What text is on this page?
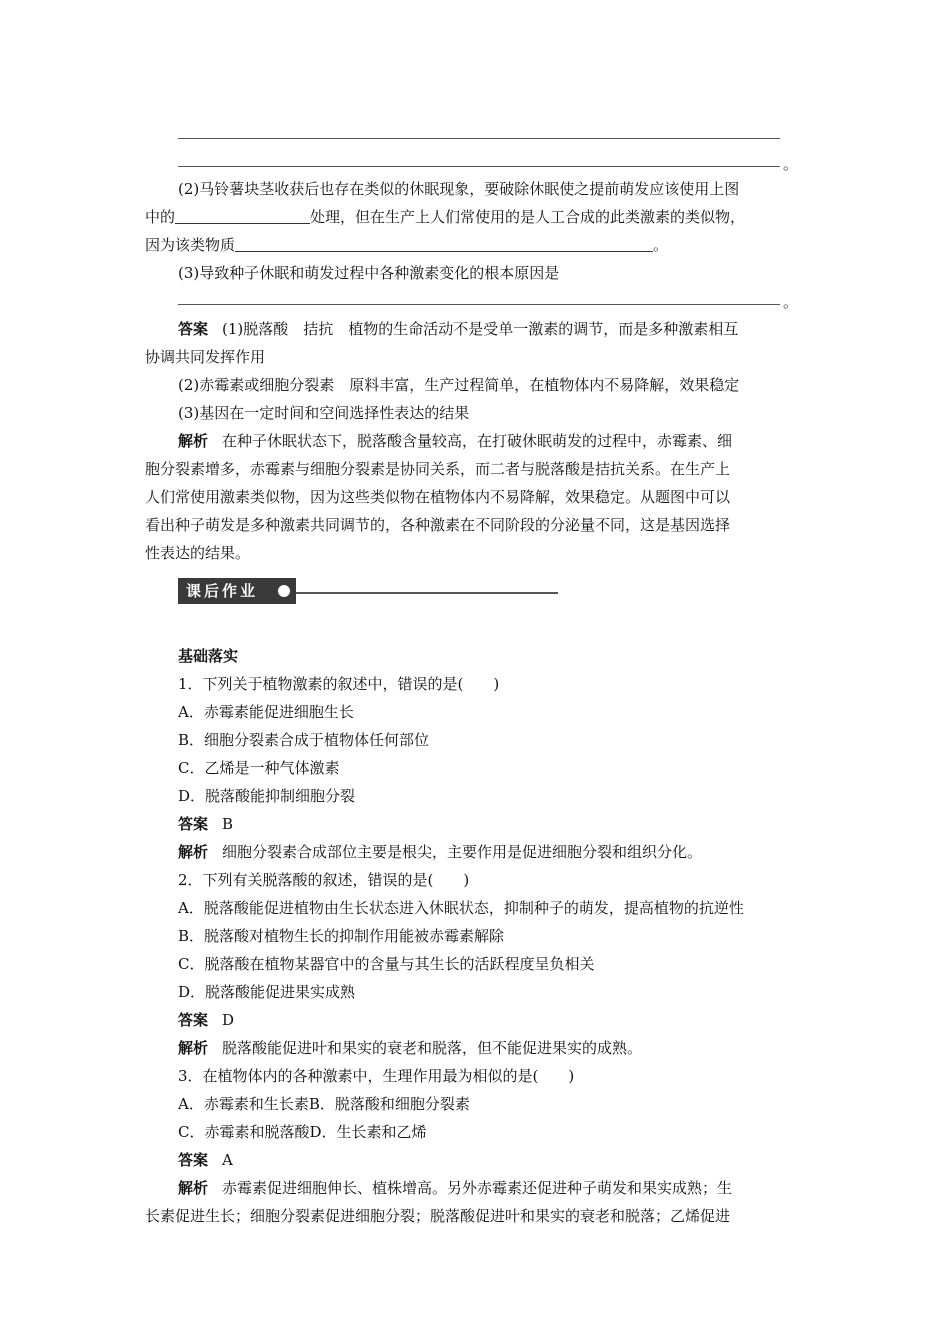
。
(2)马铃薯块茎收获后也存在类似的休眠现象，要破除休眠使之提前萌发应该使用上图
中的	处理，但在生产上人们常使用的是人工合成的此类激素的类似物，
因为该类物质	。
(3)导致种子休眠和萌发过程中各种激素变化的根本原因是
。
答案 (1)脱落酸　拮抗　植物的生命活动不是受单一激素的调节，而是多种激素相互
协调共同发挥作用
(2)赤霉素或细胞分裂素　原料丰富，生产过程简单，在植物体内不易降解，效果稳定
(3)基因在一定时间和空间选择性表达的结果
解析 在种子休眠状态下，脱落酸含量较高，在打破休眠萌发的过程中，赤霉素、细
胞分裂素增多，赤霉素与细胞分裂素是协同关系，而二者与脱落酸是拮抗关系。在生产上
人们常使用激素类似物，因为这些类似物在植物体内不易降解，效果稳定。从题图中可以
看出种子萌发是多种激素共同调节的，各种激素在不同阶段的分泌量不同，这是基因选择
性表达的结果。
课后作业
基础落实
1．下列关于植物激素的叙述中，错误的是(　　)
A．赤霉素能促进细胞生长
B．细胞分裂素合成于植物体任何部位
C．乙烯是一种气体激素
D．脱落酸能抑制细胞分裂
答案 B
解析 细胞分裂素合成部位主要是根尖，主要作用是促进细胞分裂和组织分化。
2．下列有关脱落酸的叙述，错误的是(　　)
A．脱落酸能促进植物由生长状态进入休眠状态，抑制种子的萌发，提高植物的抗逆性
B．脱落酸对植物生长的抑制作用能被赤霉素解除
C．脱落酸在植物某器官中的含量与其生长的活跃程度呈负相关
D．脱落酸能促进果实成熟
答案 D
解析 脱落酸能促进叶和果实的衰老和脱落，但不能促进果实的成熟。
3．在植物体内的各种激素中，生理作用最为相似的是(　　)
A．赤霉素和生长素B．脱落酸和细胞分裂素
C．赤霉素和脱落酸D．生长素和乙烯
答案 A
解析 赤霉素促进细胞伸长、植株增高。另外赤霉素还促进种子萌发和果实成熟；生
长素促进生长；细胞分裂素促进细胞分裂；脱落酸促进叶和果实的衰老和脱落；乙烯促进
